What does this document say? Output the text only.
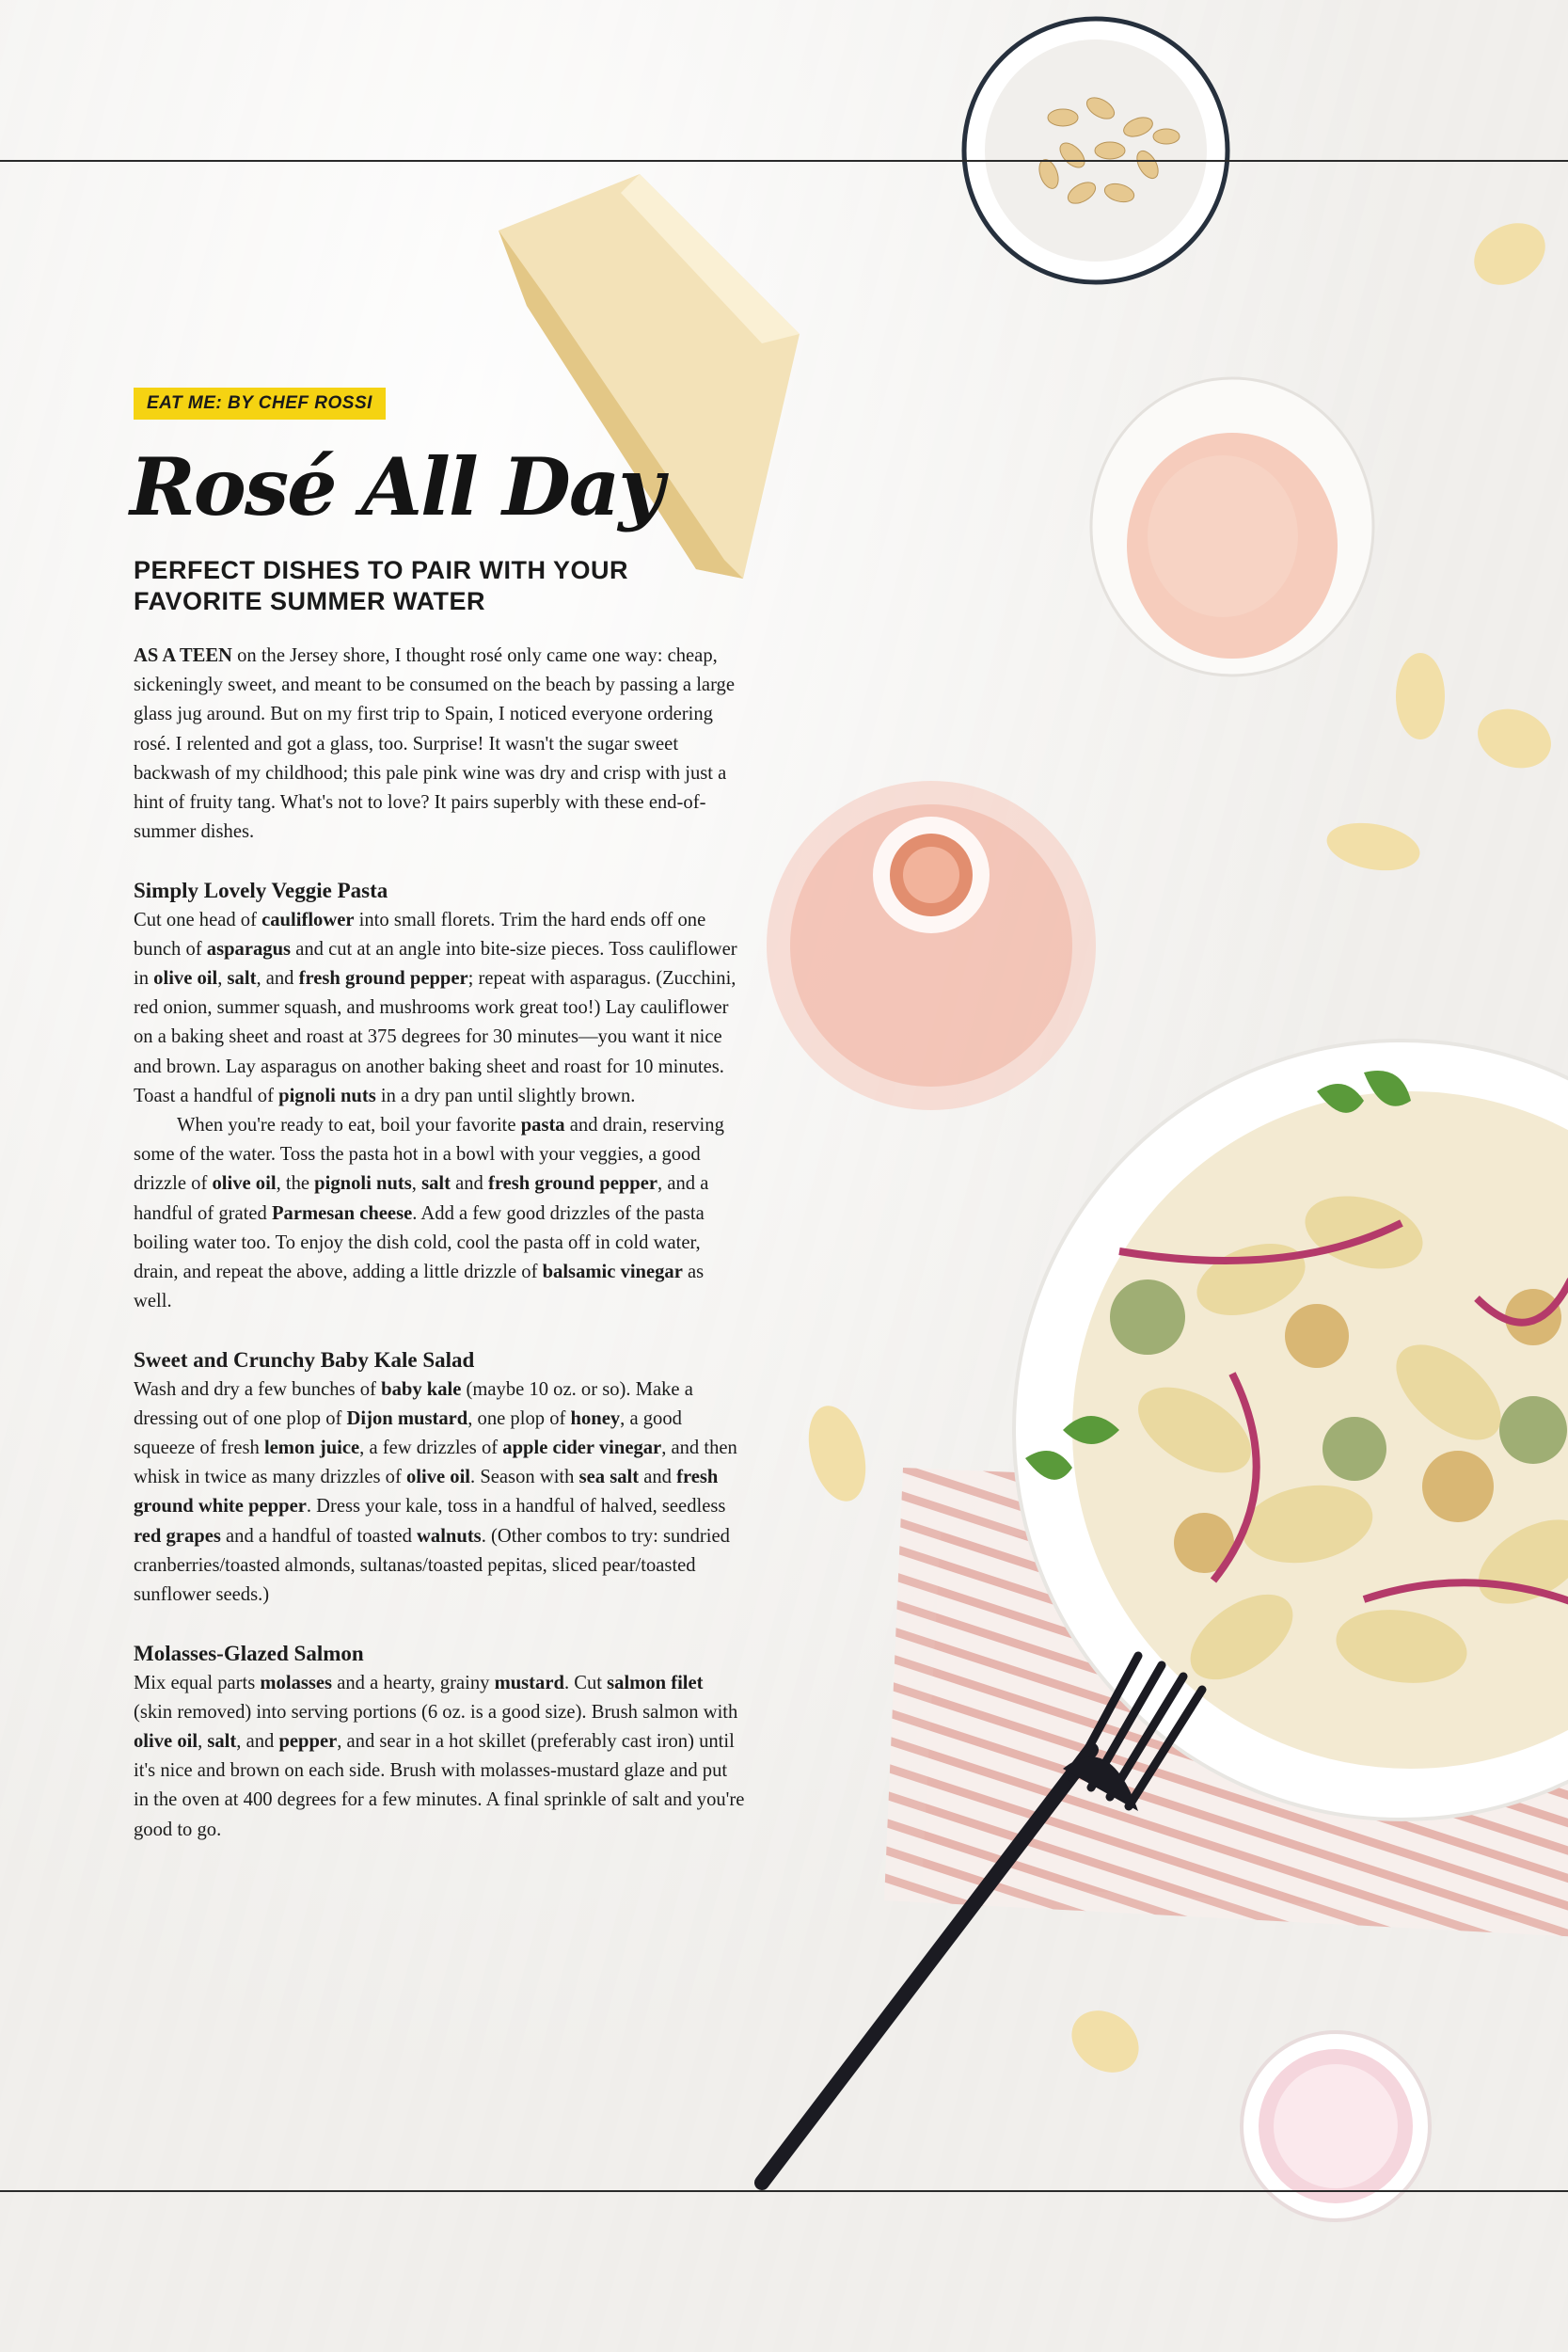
EAT ME: BY CHEF ROSSI
Rosé All Day
PERFECT DISHES TO PAIR WITH YOUR
FAVORITE SUMMER WATER

AS A TEEN on the Jersey shore, I thought rosé only came one way: cheap, sickeningly sweet, and meant to be consumed on the beach by passing a large glass jug around. But on my first trip to Spain, I noticed everyone ordering rosé. I relented and got a glass, too. Surprise! It wasn't the sugar sweet backwash of my childhood; this pale pink wine was dry and crisp with just a hint of fruity tang. What's not to love? It pairs superbly with these end-of-summer dishes.

Simply Lovely Veggie Pasta

Cut one head of cauliflower into small florets. Trim the hard ends off one bunch of asparagus and cut at an angle into bite-size pieces. Toss cauliflower in olive oil, salt, and fresh ground pepper; repeat with asparagus. (Zucchini, red onion, summer squash, and mushrooms work great too!) Lay cauliflower on a baking sheet and roast at 375 degrees for 30 minutes—you want it nice and brown. Lay asparagus on another baking sheet and roast for 10 minutes. Toast a handful of pignoli nuts in a dry pan until slightly brown.

When you're ready to eat, boil your favorite pasta and drain, reserving some of the water. Toss the pasta hot in a bowl with your veggies, a good drizzle of olive oil, the pignoli nuts, salt and fresh ground pepper, and a handful of grated Parmesan cheese. Add a few good drizzles of the pasta boiling water too. To enjoy the dish cold, cool the pasta off in cold water, drain, and repeat the above, adding a little drizzle of balsamic vinegar as well.

Sweet and Crunchy Baby Kale Salad

Wash and dry a few bunches of baby kale (maybe 10 oz. or so). Make a dressing out of one plop of Dijon mustard, one plop of honey, a good squeeze of fresh lemon juice, a few drizzles of apple cider vinegar, and then whisk in twice as many drizzles of olive oil. Season with sea salt and fresh ground white pepper. Dress your kale, toss in a handful of halved, seedless red grapes and a handful of toasted walnuts. (Other combos to try: sundried cranberries/toasted almonds, sultanas/toasted pepitas, sliced pear/toasted sunflower seeds.)

Molasses-Glazed Salmon

Mix equal parts molasses and a hearty, grainy mustard. Cut salmon filet (skin removed) into serving portions (6 oz. is a good size). Brush salmon with olive oil, salt, and pepper, and sear in a hot skillet (preferably cast iron) until it's nice and brown on each side. Brush with molasses-mustard glaze and put in the oven at 400 degrees for a few minutes. A final sprinkle of salt and you're good to go.
